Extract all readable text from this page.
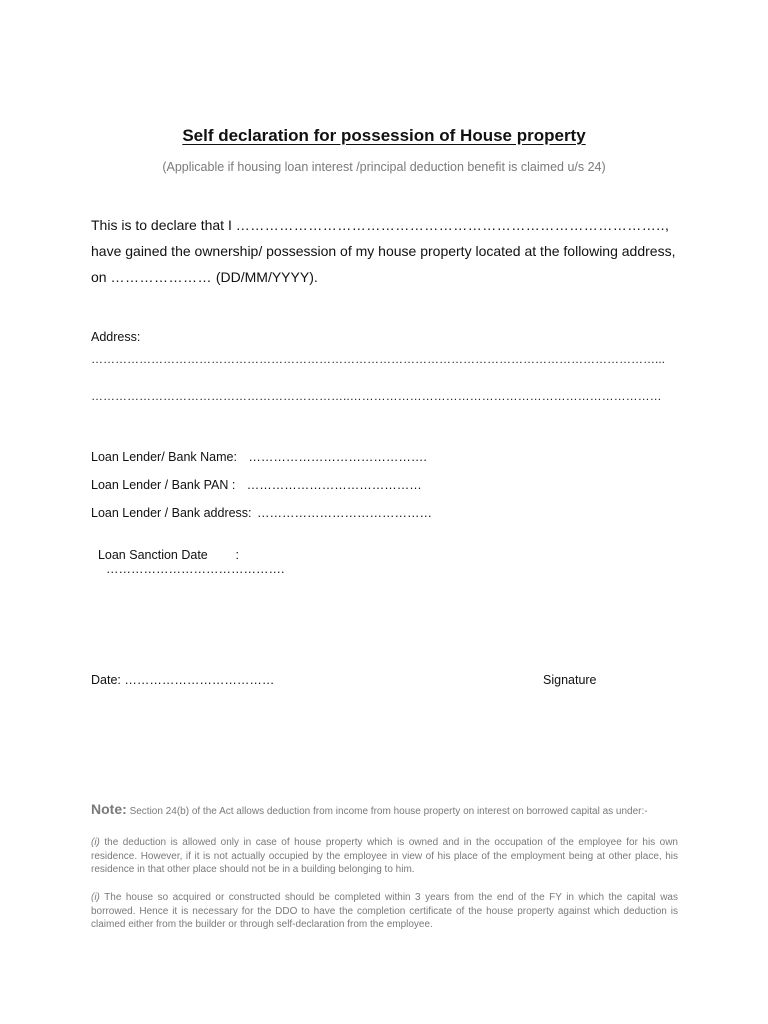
Self declaration for possession of House property
(Applicable if housing loan interest /principal deduction benefit is claimed u/s 24)

This is to declare that I ……………………………………………………………………………..,

have gained the ownership/ possession of my house property located at the following address,

on ………………… (DD/MM/YYYY).

Address:
……………………………………………………………………………………………………………………………...
………………………………………………………..……………………………………………………………………
Loan Lender/ Bank Name: …………………………………….
Loan Lender / Bank PAN : ……………………………………
Loan Lender / Bank address: ……………………………………

Loan Sanction Date        :
…………………………………….

Date: ………………………………	Signature
Note: Section 24(b) of the Act allows deduction from income from house property on interest on borrowed capital as under:-
(i) the deduction is allowed only in case of house property which is owned and in the occupation of the employee for his own residence. However, if it is not actually occupied by the employee in view of his place of the employment being at other place, his residence in that other place should not be in a building belonging to him.
(i) The house so acquired or constructed should be completed within 3 years from the end of the FY in which the capital was borrowed. Hence it is necessary for the DDO to have the completion certificate of the house property against which deduction is claimed either from the builder or through self-declaration from the employee.
